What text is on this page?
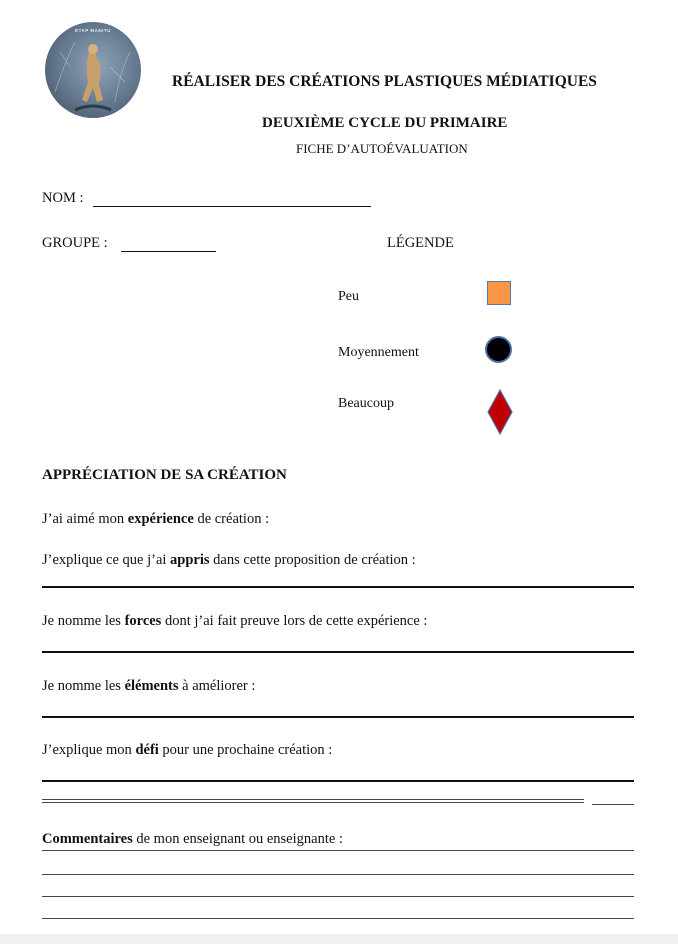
ÉTAP MANITU
RÉALISER DES CRÉATIONS PLASTIQUES MÉDIATIQUES
DEUXIÈME CYCLE DU PRIMAIRE
FICHE D’AUTOÉVALUATION
NOM :
GROUPE :	LÉGENDE
Peu
Moyennement
Beaucoup
APPRÉCIATION DE SA CRÉATION
J’ai aimé mon expérience de création :
J’explique ce que j’ai appris dans cette proposition de création :
Je nomme les forces dont j’ai fait preuve lors de cette expérience :
Je nomme les éléments à améliorer :
J’explique mon défi pour une prochaine création :
Commentaires de mon enseignant ou enseignante :
